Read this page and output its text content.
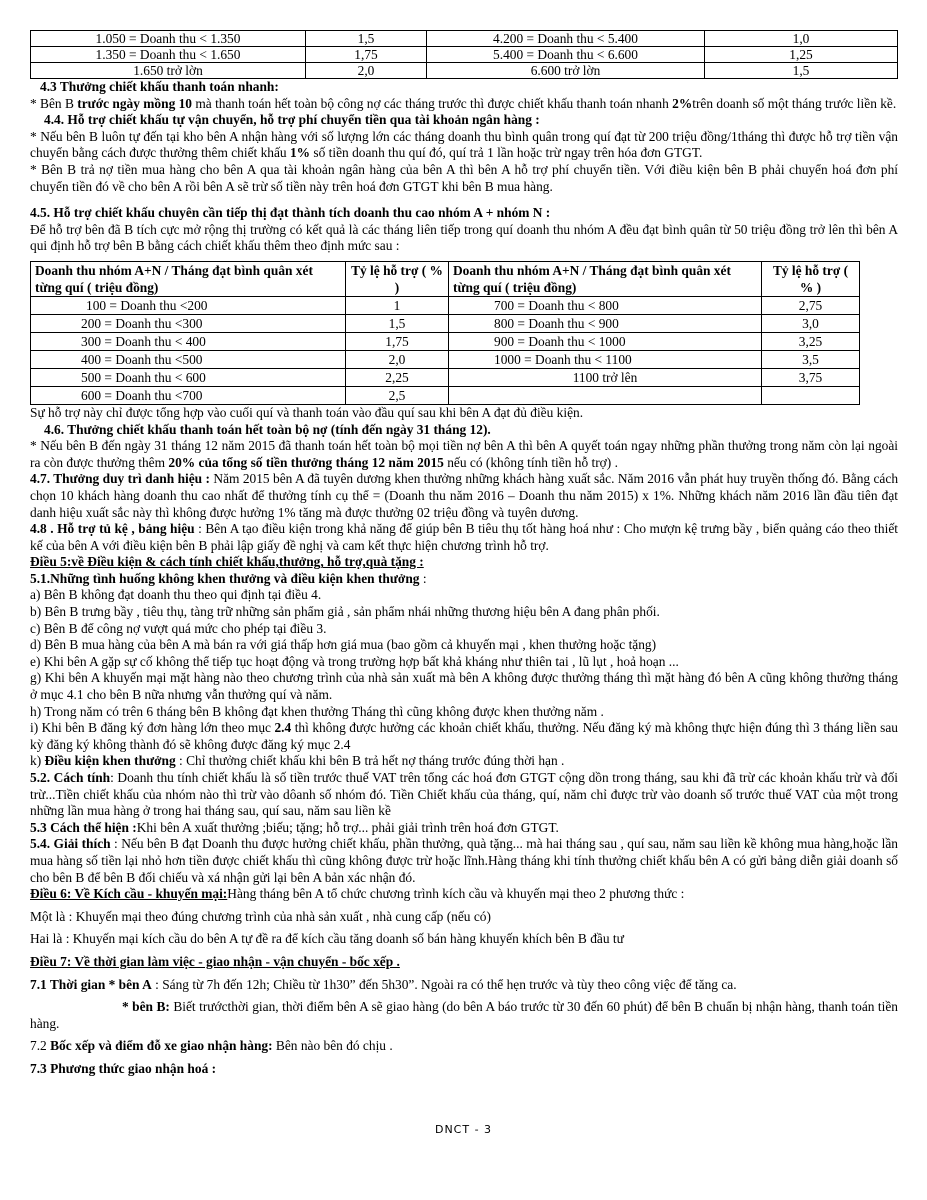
1.050 = Doanh thu < 1.350	1,5	4.200 = Doanh thu < 5.400	1,0
1.350 = Doanh thu < 1.650	1,75	5.400 = Doanh thu < 6.600	1,25
1.650 trở lờn	2,0	6.600 trở lờn	1,5

4.3 Thưởng chiết khấu thanh toán nhanh:

* Bên B trước ngày mồng 10 mà thanh toán hết toàn bộ công nợ các tháng trước thì được chiết khấu thanh toán nhanh 2%trên doanh số một tháng trước liền kề.

4.4. Hỗ trợ chiết khấu tự vận chuyển, hỗ trợ phí chuyển tiền qua tài khoản ngân hàng :

* Nếu bên B luôn tự đến tại kho bên A nhận hàng với số lượng lớn các tháng doanh thu bình quân trong quí đạt từ 200 triệu đồng/1tháng thì được hỗ trợ tiền vận chuyển bằng cách được thưởng thêm chiết khấu 1% số tiền doanh thu quí đó, quí trả 1 lần hoặc trừ ngay trên hóa đơn GTGT.

* Bên B trả nợ tiền mua hàng cho bên A qua tài khoản ngân hàng của bên A thì bên A hỗ trợ phí chuyển tiền. Với điều kiện bên B phải chuyển hoá đơn phí chuyển tiền đó về cho bên A rồi bên A sẽ trừ số tiền này trên hoá đơn GTGT khi bên B mua hàng.

4.5. Hỗ trợ chiết khấu chuyên cần tiếp thị đạt thành tích doanh thu cao nhóm A + nhóm N :

Để hỗ trợ bên đã B tích cực mở rộng thị trường có kết quả là các tháng liên tiếp trong quí doanh thu nhóm A đều đạt bình quân từ 50 triệu đồng trở lên thì bên A qui định hỗ trợ bên B bằng cách chiết khấu thêm theo định mức sau :

Doanh thu nhóm A+N / Tháng đạt bình quân xét từng quí ( triệu đồng)	Tỷ lệ hỗ trợ ( % )	Doanh thu nhóm A+N / Tháng đạt bình quân xét từng quí ( triệu đồng)	Tỷ lệ hỗ trợ ( % )
100 = Doanh thu <200	1	700 = Doanh thu < 800	2,75
200 = Doanh thu <300	1,5	800 = Doanh thu < 900	3,0
300 = Doanh thu < 400	1,75	900 = Doanh thu < 1000	3,25
400 = Doanh thu <500	2,0	1000 = Doanh thu < 1100	3,5
500 = Doanh thu < 600	2,25	1100 trở lên	3,75
600 = Doanh thu <700	2,5		

Sự hỗ trợ này chỉ được tổng hợp vào cuối quí và thanh toán vào đầu quí sau khi bên A đạt đủ điều kiện.

4.6. Thưởng chiết khấu thanh toán hết toàn bộ nợ (tính đến ngày 31 tháng 12).

* Nếu bên B đến ngày 31 tháng 12 năm 2015 đã thanh toán hết toàn bộ mọi tiền nợ bên A thì bên A quyết toán ngay những phần thưởng trong năm còn lại ngoài ra còn được thưởng thêm 20% của tổng số tiền thưởng tháng 12 năm 2015 nếu có (không tính tiền hỗ trợ) .

4.7. Thưởng duy trì danh hiệu : Năm 2015 bên A đã tuyên dương khen thưởng những khách hàng xuất sắc. Năm 2016 vẫn phát huy truyền thống đó. Bằng cách chọn 10 khách hàng doanh thu cao nhất để thưởng tính cụ thể = (Doanh thu năm 2016 – Doanh thu năm 2015) x 1%. Những khách năm 2016 lần đầu tiên đạt danh hiệu xuất sắc này thì không được hưởng 1% tăng mà được thưởng 02 triệu đồng và tuyên dương.

4.8 . Hỗ trợ tủ kệ , bảng hiệu : Bên A tạo điều kiện trong khả năng để giúp bên B tiêu thụ tốt hàng hoá như : Cho mượn kệ trưng bầy , biển quảng cáo theo thiết kế của bên A với điều kiện bên B phải lập giấy đề nghị và cam kết thực hiện chương trình hỗ trợ.

Điều 5:về Điều kiện & cách tính chiết khấu,thưởng, hỗ trợ,quà tặng :

5.1.Những tình huống không khen thưởng và điều kiện khen thưởng :

a) Bên B không đạt doanh thu theo qui định tại điều 4.

b) Bên B trưng bầy , tiêu thụ, tàng trữ những sản phẩm giả , sản phẩm nhái những thương hiệu bên A đang phân phối.

c) Bên B để công nợ vượt quá mức cho phép tại điều 3.

d) Bên B mua hàng của bên A mà bán ra với giá thấp hơn giá mua (bao gồm cả khuyến mại , khen thưởng hoặc tặng)

e) Khi bên A gặp sự cố không thể tiếp tục hoạt động và trong trường hợp bất khả kháng như thiên tai , lũ lụt , hoả hoạn ...

g) Khi bên A khuyến mại mặt hàng nào theo chương trình của nhà sản xuất mà bên A không được thưởng tháng thì mặt hàng đó bên A cũng không thưởng tháng ở mục 4.1 cho bên B nữa nhưng vẫn thưởng quí và năm.

h) Trong năm có trên 6 tháng bên B không đạt khen thưởng Tháng thì cũng không được khen thưởng năm .

i) Khi bên B đăng ký đơn hàng lớn theo mục 2.4 thì không được hưởng các khoản chiết khấu, thưởng. Nếu đăng ký mà không thực hiện đúng thì 3 tháng liền sau kỳ đăng ký không thành đó sẽ không được đăng ký mục 2.4

k) Điều kiện khen thưởng : Chỉ thưởng chiết khấu khi bên B trả hết nợ tháng trước đúng thời hạn .

5.2. Cách tính: Doanh thu tính chiết khấu là số tiền trước thuế VAT trên tổng các hoá đơn GTGT cộng dồn trong tháng, sau khi đã trừ các khoản khấu trừ và đối trừ...Tiền chiết khấu của nhóm nào thì trừ vào dôanh số nhóm đó. Tiền Chiết khấu của tháng, quí, năm chỉ được trừ vào doanh số trước thuế VAT của một trong những lần mua hàng ở trong hai tháng sau, quí sau, năm sau liền kề

5.3 Cách thể hiện :Khi bên A xuất thưởng ;biếu; tặng; hỗ trợ... phải giải trình trên hoá đơn GTGT.

5.4. Giải thích : Nếu bên B đạt Doanh thu được hưởng chiết khấu, phần thưởng, quà tặng... mà hai tháng sau , quí sau, năm sau liền kề không mua hàng,hoặc lần mua hàng số tiền lại nhỏ hơn tiền được chiết khấu thì cũng không được trừ hoặc lĩnh.Hàng tháng khi tính thưởng chiết khấu bên A có gửi bảng diễn giải doanh số cho bên B để bên B đối chiếu và xá nhận gửi lại bên A bản xác nhận đó.

Điều 6: Về Kích cầu - khuyến mại:Hàng tháng bên A tổ chức chương trình kích cầu và khuyến mại theo 2 phương thức :

Một là : Khuyến mại theo đúng chương trình của nhà sản xuất , nhà cung cấp (nếu có)

Hai là : Khuyến mại kích cầu do bên A tự đề ra để kích cầu tăng doanh số bán hàng khuyến khích bên B đầu tư

Điều 7: Về thời gian làm việc - giao nhận - vận chuyển - bốc xếp .

7.1 Thời gian * bên A : Sáng từ 7h đến 12h; Chiều từ 1h30” đến 5h30”. Ngoài ra có thể hẹn trước và tùy theo công việc để tăng ca.

* bên B: Biết trướcthời gian, thời điểm bên A sẽ giao hàng (do bên A báo trước từ 30 đến 60 phút) để bên B chuẩn bị nhận hàng, thanh toán tiền hàng.

7.2 Bốc xếp và điểm đỗ xe giao nhận hàng: Bên nào bên đó chịu .

7.3 Phương thức giao nhận hoá :

DNCT - 3
